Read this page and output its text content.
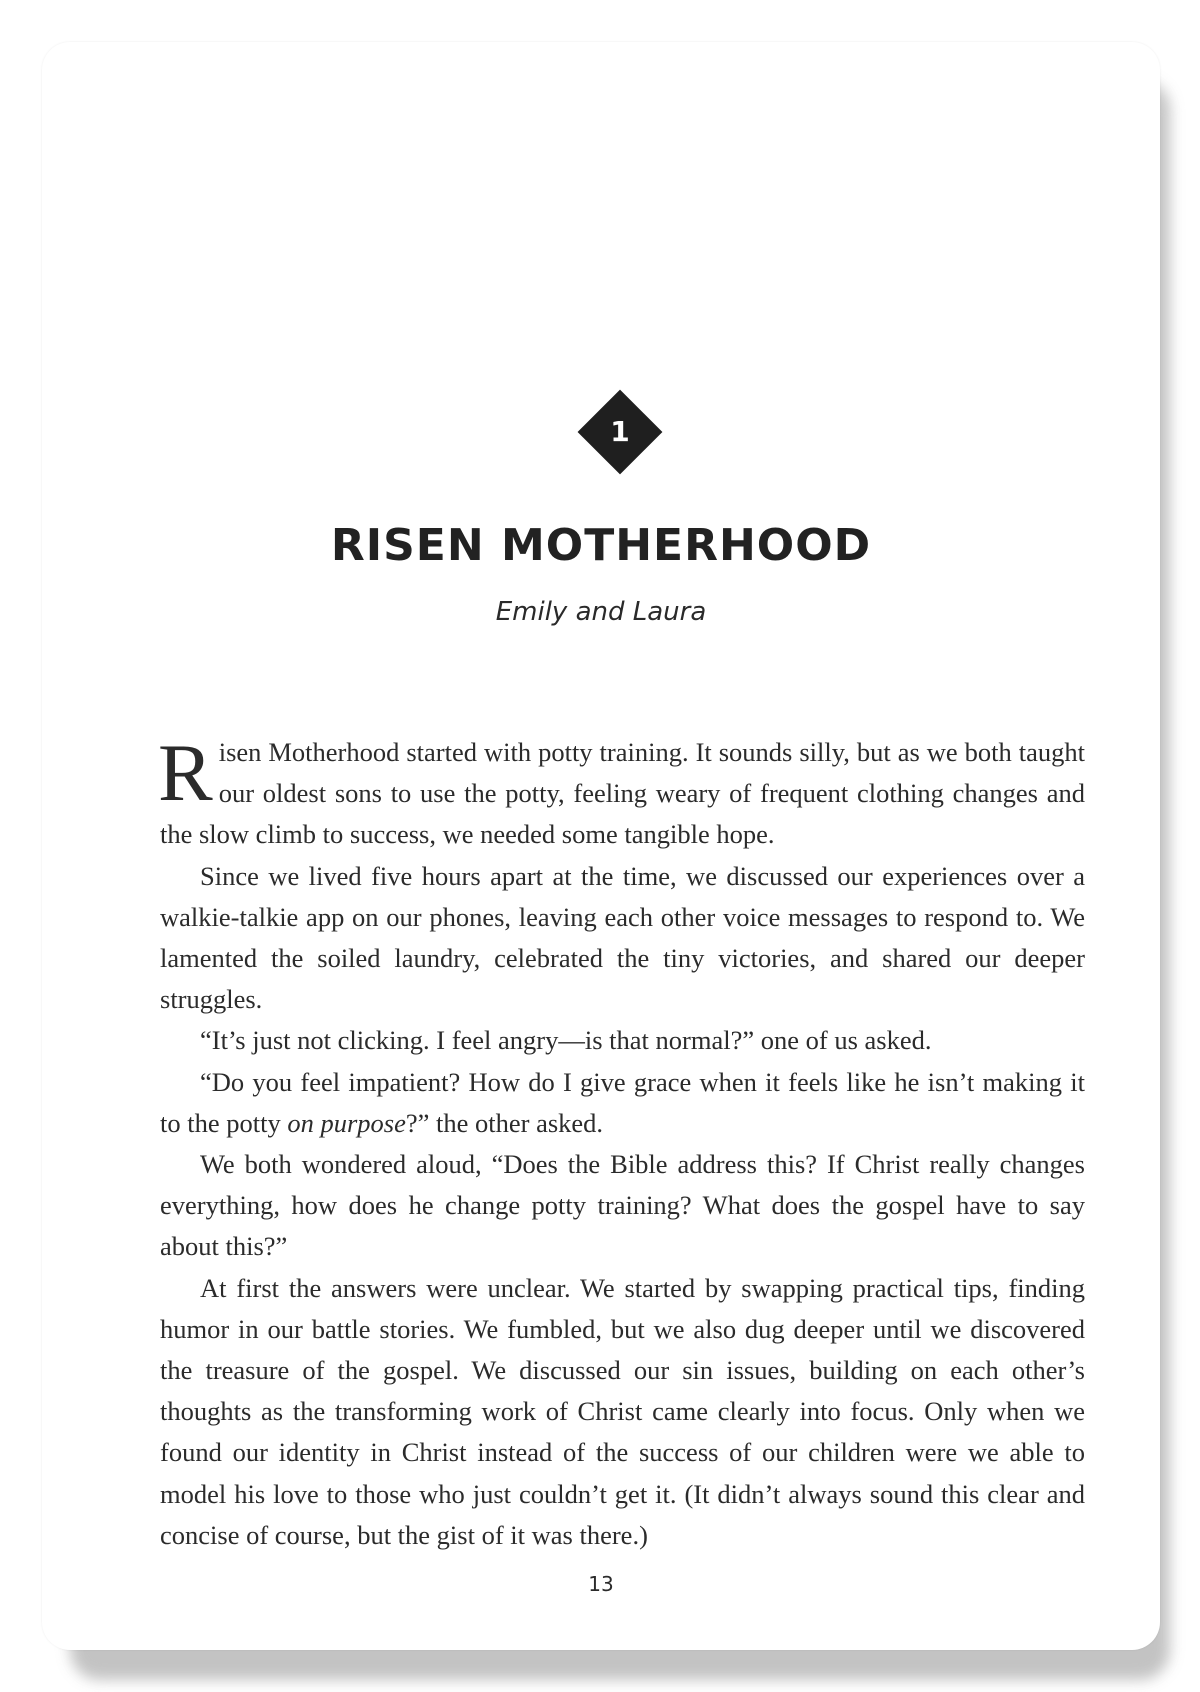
1
RISEN MOTHERHOOD
Emily and Laura

Risen Motherhood started with potty training. It sounds silly, but as we both taught our oldest sons to use the potty, feeling weary of frequent clothing changes and the slow climb to success, we needed some tangible hope.

Since we lived five hours apart at the time, we discussed our experiences over a walkie-talkie app on our phones, leaving each other voice messages to respond to. We lamented the soiled laundry, celebrated the tiny victories, and shared our deeper struggles.

“It’s just not clicking. I feel angry—is that normal?” one of us asked.

“Do you feel impatient? How do I give grace when it feels like he isn’t making it to the potty on purpose?” the other asked.

We both wondered aloud, “Does the Bible address this? If Christ really changes everything, how does he change potty training? What does the gospel have to say about this?”

At first the answers were unclear. We started by swapping practical tips, finding humor in our battle stories. We fumbled, but we also dug deeper until we discovered the treasure of the gospel. We discussed our sin issues, building on each other’s thoughts as the transforming work of Christ came clearly into focus. Only when we found our identity in Christ instead of the success of our children were we able to model his love to those who just couldn’t get it. (It didn’t always sound this clear and concise of course, but the gist of it was there.)

13
